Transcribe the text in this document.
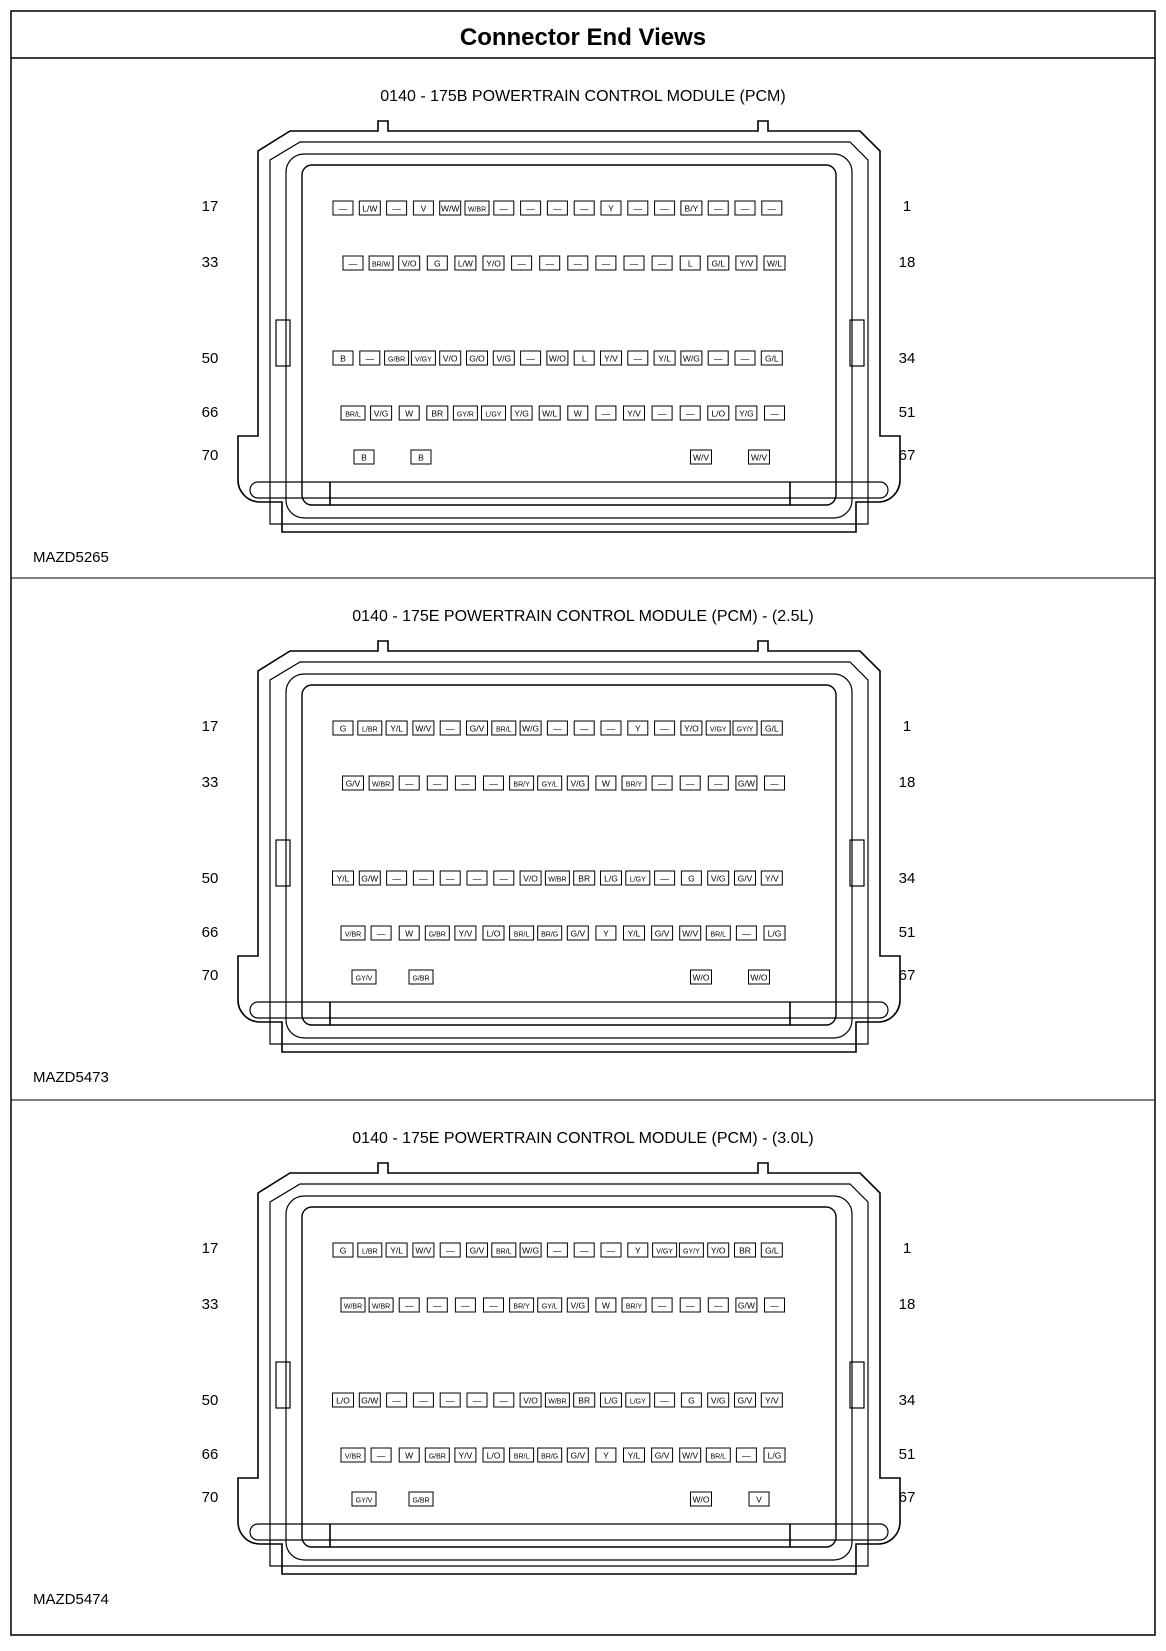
Connector End Views
0140 - 175B POWERTRAIN CONTROL MODULE (PCM)
MAZD5265
— L/W — V W/W W/BR — — — — Y — — B/Y — — —
17	1
— BR/W V/O G L/W Y/O — — — — — —	L G/L Y/V W/L
33	18
B — G/BR V/GY V/O G/O V/G — W/O L Y/V — Y/L W/G — — G/L
50	34
BR/L V/G W BR GY/R L/GY Y/G W/L W — Y/V — — L/O Y/G —
66	51
B	B	W/V	W/V
70	67
0140 - 175E POWERTRAIN CONTROL MODULE (PCM) - (2.5L)
MAZD5473
G L/BR Y/L W/V — G/V BR/L W/G — — — Y — Y/O V/GY GY/Y G/L
17	1
G/V W/BR — — — — BR/Y GY/L V/G W BR/Y — — — G/W —
33	18
Y/L G/W — — — — — V/O W/BR BR L/G L/GY — G V/G G/V Y/V
50	34
V/BR — W G/BR Y/V L/O BR/L BR/G G/V Y Y/L G/V W/V BR/L — L/G
66	51
GY/V	G/BR	W/O	W/O
70	67
0140 - 175E POWERTRAIN CONTROL MODULE (PCM) - (3.0L)
MAZD5474
G L/BR Y/L W/V — G/V BR/L W/G — — — Y V/GY GY/Y Y/O BR G/L
17	1
W/BR W/BR — — — — BR/Y GY/L V/G W BR/Y — — — G/W —
33	18
L/O G/W — — — — — V/O W/BR BR L/G L/GY — G V/G G/V Y/V
50	34
V/BR — W G/BR Y/V L/O BR/L BR/G G/V Y Y/L G/V W/V BR/L — L/G
66	51
GY/V	G/BR	W/O	V
70	67
